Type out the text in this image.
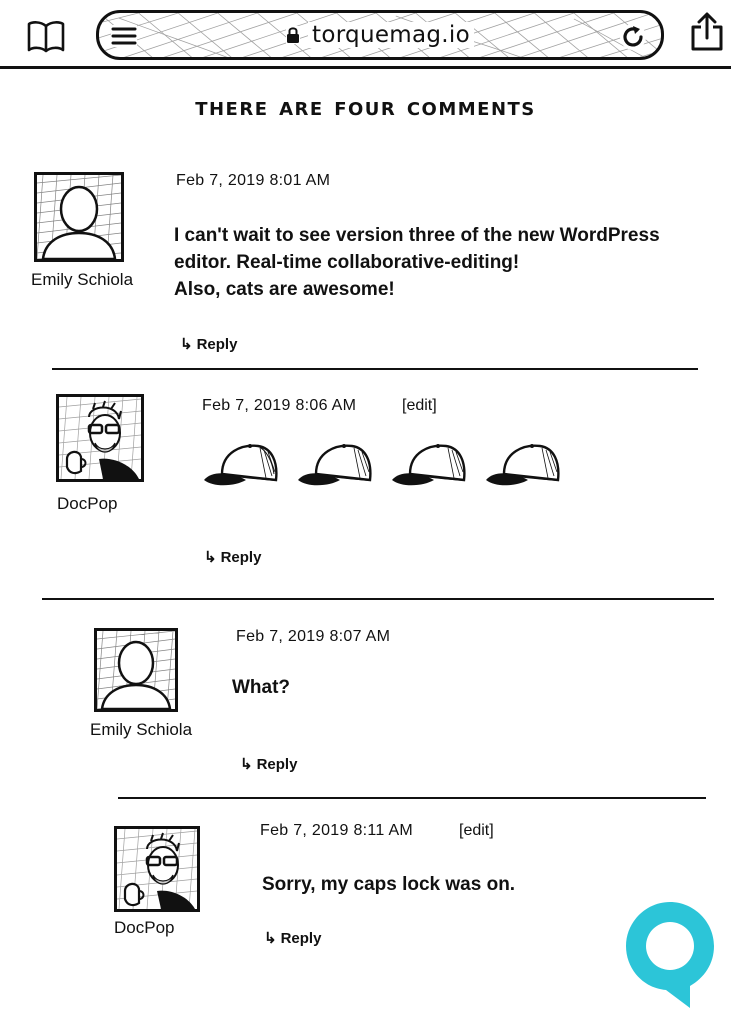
torquemag.io
there are four comments
Emily Schiola
Feb 7, 2019 8:01 AM
I can't wait to see version three of the new WordPress
editor. Real-time collaborative-editing!
Also, cats are awesome!
↳ Reply
DocPop
Feb 7, 2019 8:06 AM	[edit]
↳ Reply
Emily Schiola
Feb 7, 2019 8:07 AM
What?
↳ Reply
DocPop
Feb 7, 2019 8:11 AM	[edit]
Sorry, my caps lock was on.
↳ Reply
